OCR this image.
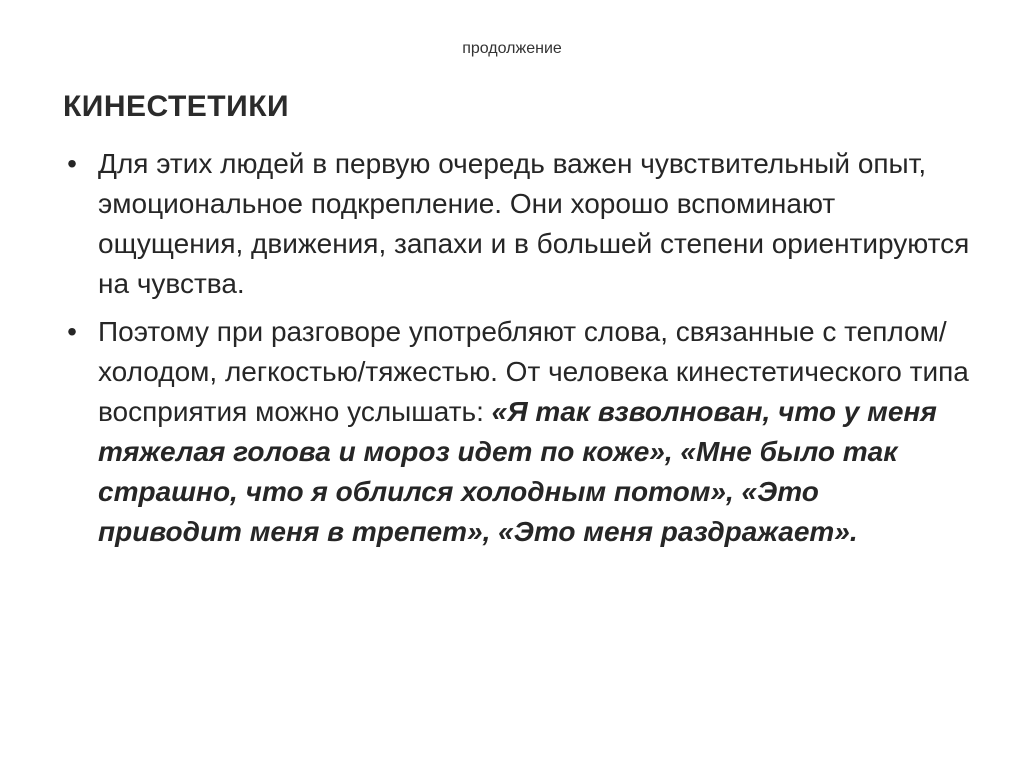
продолжение
КИНЕСТЕТИКИ
• Для этих людей в первую очередь важен чувствительный опыт, эмоциональное подкрепление. Они хорошо вспоминают ощущения, движения, запахи и в большей степени ориентируются на чувства.
• Поэтому при разговоре употребляют слова, связанные с теплом/холодом, легкостью/тяжестью. От человека кинестетического типа восприятия можно услышать: «Я так взволнован, что у меня тяжелая голова и мороз идет по коже», «Мне было так страшно, что я облился холодным потом», «Это приводит меня в трепет», «Это меня раздражает».
